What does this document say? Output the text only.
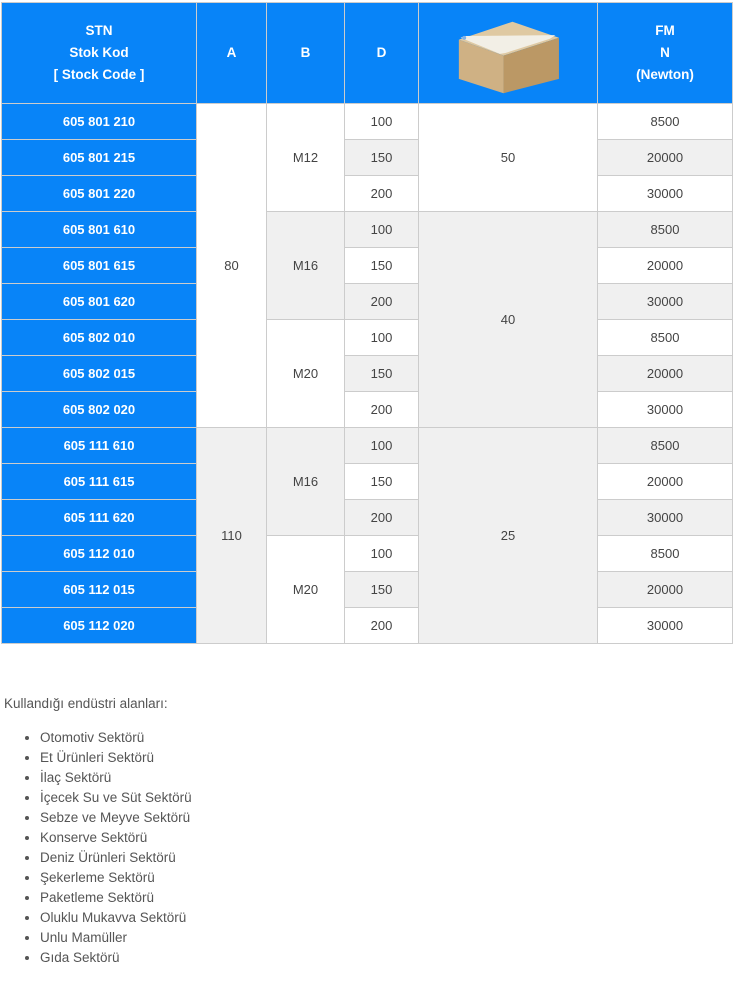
STN
Stok Kod
[ Stock Code ]	A	B	D		FM
N
(Newton)

605 801 210	80	M12	100	50	8500
605 801 215			150		20000
605 801 220			200		30000
605 801 610		M16	100	40	8500
605 801 615			150		20000
605 801 620			200		30000
605 802 010		M20	100		8500
605 802 015			150		20000
605 802 020			200		30000
605 111 610	110	M16	100	25	8500
605 111 615			150		20000
605 111 620			200		30000
605 112 010		M20	100		8500
605 112 015			150		20000
605 112 020			200		30000

Kullandığı endüstri alanları:

• Otomotiv Sektörü
• Et Ürünleri Sektörü
• İlaç Sektörü
• İçecek Su ve Süt Sektörü
• Sebze ve Meyve Sektörü
• Konserve Sektörü
• Deniz Ürünleri Sektörü
• Şekerleme Sektörü
• Paketleme Sektörü
• Oluklu Mukavva Sektörü
• Unlu Mamüller
• Gıda Sektörü
